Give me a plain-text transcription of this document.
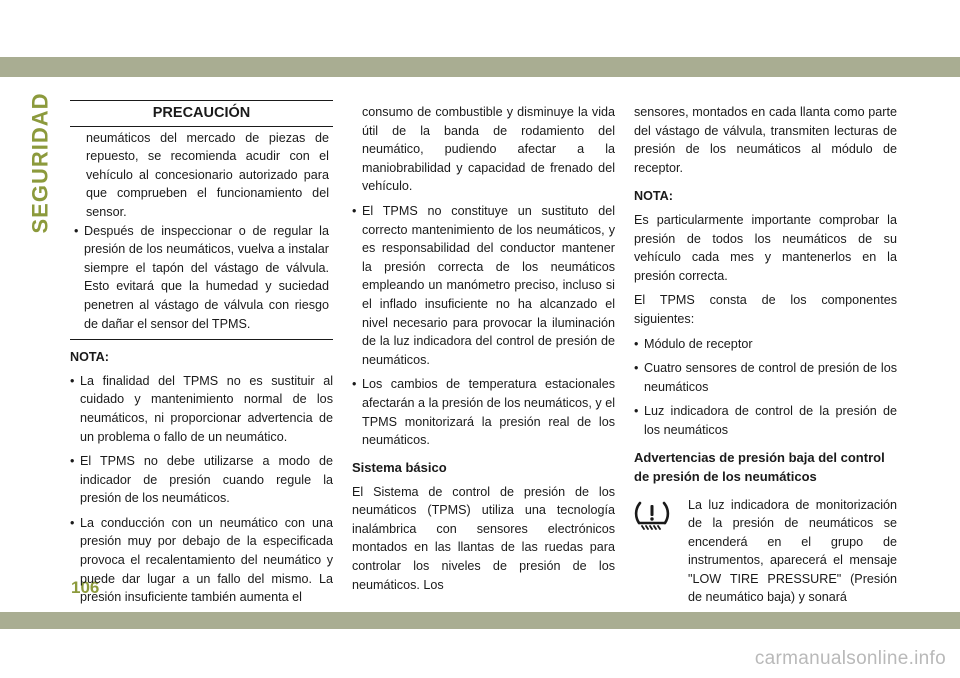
SEGURIDAD
106
carmanualsonline.info
PRECAUCIÓN

neumáticos del mercado de piezas de repuesto, se recomienda acudir con el vehículo al concesionario autorizado para que comprueben el funcionamiento del sensor.

• Después de inspeccionar o de regular la presión de los neumáticos, vuelva a instalar siempre el tapón del vástago de válvula. Esto evitará que la humedad y suciedad penetren al vástago de válvula con riesgo de dañar el sensor del TPMS.

NOTA:

• La finalidad del TPMS no es sustituir al cuidado y mantenimiento normal de los neumáticos, ni proporcionar advertencia de un problema o fallo de un neumático.

• El TPMS no debe utilizarse a modo de indicador de presión cuando regule la presión de los neumáticos.

• La conducción con un neumático con una presión muy por debajo de la especificada provoca el recalentamiento del neumático y puede dar lugar a un fallo del mismo. La presión insuficiente también aumenta el

consumo de combustible y disminuye la vida útil de la banda de rodamiento del neumático, pudiendo afectar a la maniobrabilidad y capacidad de frenado del vehículo.

• El TPMS no constituye un sustituto del correcto mantenimiento de los neumáticos, y es responsabilidad del conductor mantener la presión correcta de los neumáticos empleando un manómetro preciso, incluso si el inflado insuficiente no ha alcanzado el nivel necesario para provocar la iluminación de la luz indicadora del control de presión de neumáticos.

• Los cambios de temperatura estacionales afectarán a la presión de los neumáticos, y el TPMS monitorizará la presión real de los neumáticos.

Sistema básico

El Sistema de control de presión de los neumáticos (TPMS) utiliza una tecnología inalámbrica con sensores electrónicos montados en las llantas de las ruedas para controlar los niveles de presión de los neumáticos. Los

sensores, montados en cada llanta como parte del vástago de válvula, transmiten lecturas de presión de los neumáticos al módulo de receptor.

NOTA:

Es particularmente importante comprobar la presión de todos los neumáticos de su vehículo cada mes y mantenerlos en la presión correcta.

El TPMS consta de los componentes siguientes:

• Módulo de receptor

• Cuatro sensores de control de presión de los neumáticos

• Luz indicadora de control de la presión de los neumáticos

Advertencias de presión baja del control de presión de los neumáticos

La luz indicadora de monitorización de la presión de neumáticos se encenderá en el grupo de instrumentos, aparecerá el mensaje "LOW TIRE PRESSURE" (Presión de neumático baja) y sonará
